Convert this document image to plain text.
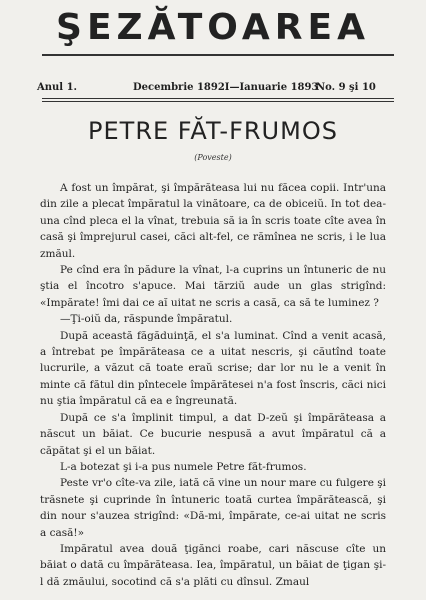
ŞEZĂTOAREA
Anul 1.	Decembrie 1892I—Ianuarie 1893
No. 9 şi 10
PETRE FĂT-FRUMOS
(Poveste)

A fost un împărat, şi împărăteasa lui nu făcea copii. Intr'una din zile a plecat împăratul la vinătoare, ca de obiceiŭ. In tot dea-una cînd pleca el la vînat, trebuia să ia în scris toate cîte avea în casă şi împrejurul casei, căci alt-fel, ce rămînea ne scris, i le lua zmăul.

Pe cînd era în pădure la vînat, l-a cuprins un întuneric de nu ştia el încotro s'apuce. Mai tărziŭ aude un glas strigînd: «Impărate! îmi dai ce aĭ uitat ne scris a casă, ca să te luminez ?

—Ţi-oiŭ da, răspunde împăratul.

După această făgăduinţă, el s'a luminat. Cînd a venit acasă, a întrebat pe împărăteasa ce a uitat nescris, şi căutînd toate lucrurile, a văzut că toate eraŭ scrise; dar lor nu le a venit în minte că fătul din pîntecele împărătesei n'a fost înscris, căci nici nu ştia împăratul că ea e îngreunată.

După ce s'a împlinit timpul, a dat D-zeŭ şi împărăteasa a născut un băiat. Ce bucurie nespusă a avut împăratul că a căpătat şi el un băiat.

L-a botezat şi i-a pus numele Petre făt-frumos.

Peste vr'o cîte-va zile, iată că vine un nour mare cu fulgere şi trăsnete şi cuprinde în întuneric toată curtea împărătească, şi din nour s'auzea strigînd: «Dă-mi, împărate, ce-ai uitat ne scris a casă!»

Impăratul avea două ţigănci roabe, cari născuse cîte un băiat o dată cu împărăteasa. Iea, împăratul, un băiat de ţigan şi-l dă zmăului, socotind că s'a plăti cu dînsul. Zmaul
